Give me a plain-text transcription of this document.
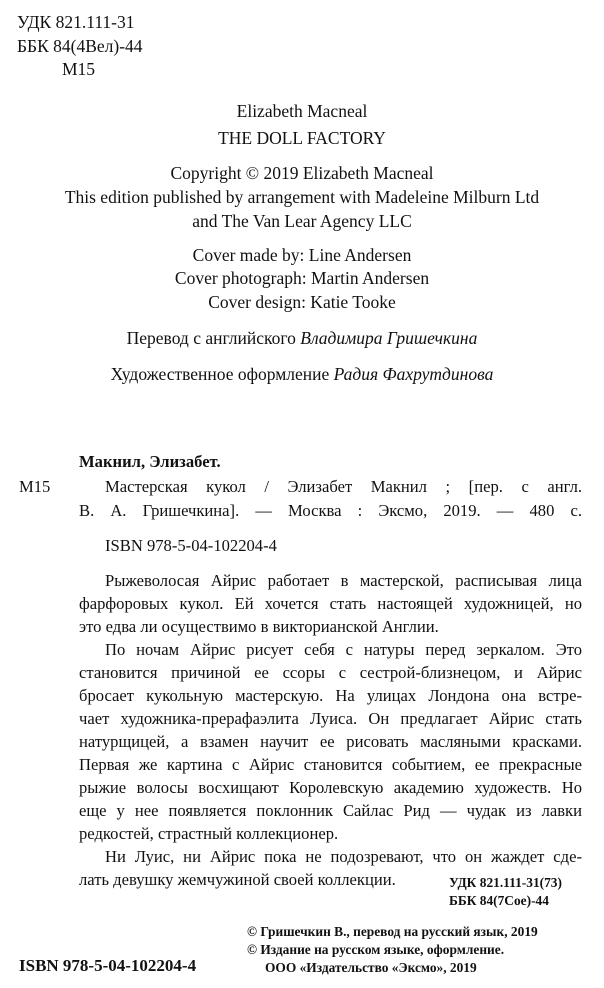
УДК 821.111-31
ББК 84(4Вел)-44
М15
Elizabeth Macneal
THE DOLL FACTORY
Copyright © 2019 Elizabeth Macneal
This edition published by arrangement with Madeleine Milburn Ltd
and The Van Lear Agency LLC
Cover made by: Line Andersen
Cover photograph: Martin Andersen
Cover design: Katie Tooke
Перевод с английского Владимира Гришечкина
Художественное оформление Радия Фахрутдинова
Макнил, Элизабет.
М15	Мастерская кукол / Элизабет Макнил ; [пер. с англ.
В. А. Гришечкина]. — Москва : Эксмо, 2019. — 480 с.
ISBN 978-5-04-102204-4
Рыжеволосая Айрис работает в мастерской, расписывая лица
фарфоровых кукол. Ей хочется стать настоящей художницей, но
это едва ли осуществимо в викторианской Англии.
По ночам Айрис рисует себя с натуры перед зеркалом. Это
становится причиной ее ссоры с сестрой-близнецом, и Айрис
бросает кукольную мастерскую. На улицах Лондона она встре-
чает художника-прерафаэлита Луиса. Он предлагает Айрис стать
натурщицей, а взамен научит ее рисовать масляными красками.
Первая же картина с Айрис становится событием, ее прекрасные
рыжие волосы восхищают Королевскую академию художеств. Но
еще у нее появляется поклонник Сайлас Рид — чудак из лавки
редкостей, страстный коллекционер.
Ни Луис, ни Айрис пока не подозревают, что он жаждет сде-
лать девушку жемчужиной своей коллекции.	УДК 821.111-31(73)
ББК 84(7Сое)-44
© Гришечкин В., перевод на русский язык, 2019
© Издание на русском языке, оформление.
ООО «Издательство «Эксмо», 2019
ISBN 978-5-04-102204-4
